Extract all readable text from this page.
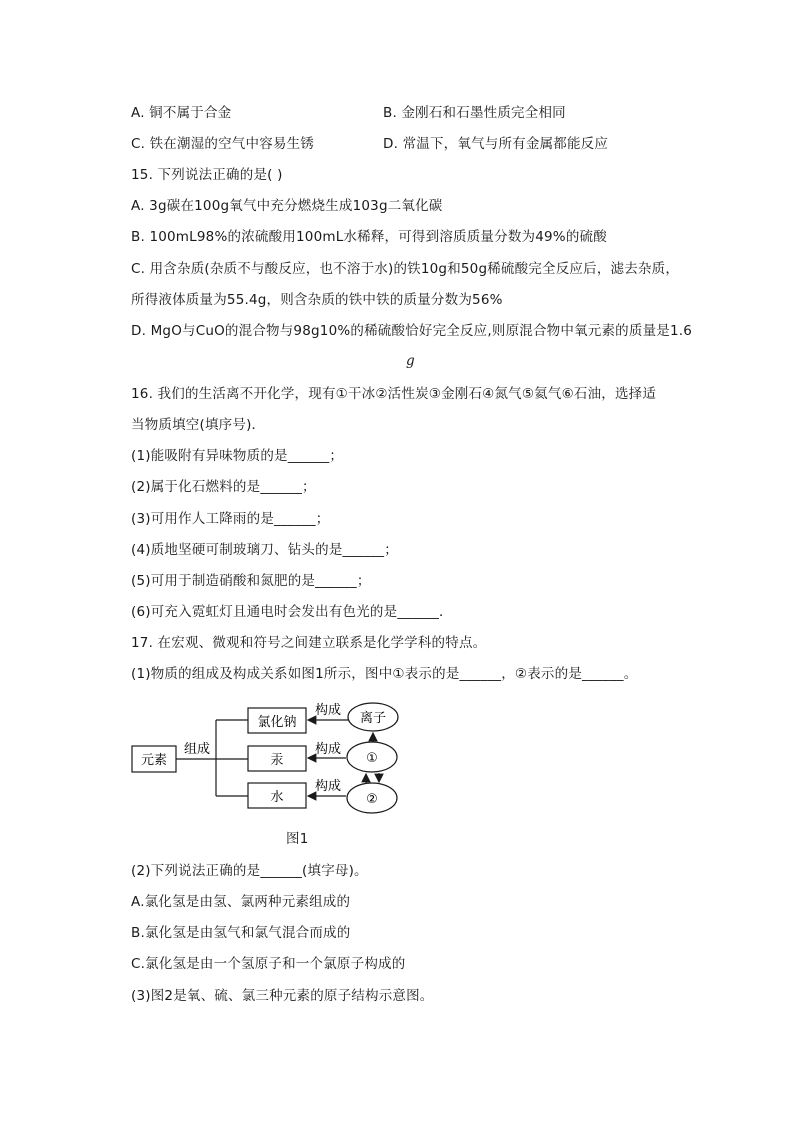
A. 铜不属于合金	B. 金刚石和石墨性质完全相同
C. 铁在潮湿的空气中容易生锈	D. 常温下，氧气与所有金属都能反应
15. 下列说法正确的是( )
A. 3g碳在100g氧气中充分燃烧生成103g二氧化碳
B. 100mL98%的浓硫酸用100mL水稀释，可得到溶质质量分数为49%的硫酸
C. 用含杂质(杂质不与酸反应，也不溶于水)的铁10g和50g稀硫酸完全反应后，滤去杂质，
所得液体质量为55.4g，则含杂质的铁中铁的质量分数为56%
D. MgO与CuO的混合物与98g10%的稀硫酸恰好完全反应,则原混合物中氧元素的质量是1.6
g
16. 我们的生活离不开化学，现有①干冰②活性炭③金刚石④氮气⑤氦气⑥石油，选择适
当物质填空(填序号)．
(1)能吸附有异味物质的是______；
(2)属于化石燃料的是______；
(3)可用作人工降雨的是______；
(4)质地坚硬可制玻璃刀、钻头的是______；
(5)可用于制造硝酸和氮肥的是______；
(6)可充入霓虹灯且通电时会发出有色光的是______．
17. 在宏观、微观和符号之间建立联系是化学学科的特点。
(1)物质的组成及构成关系如图1所示，图中①表示的是______，②表示的是______。
元素
组成
氯化钠
汞
水
构成
构成
构成
离子
①
②
图1
(2)下列说法正确的是______(填字母)。
A.氯化氢是由氢、氯两种元素组成的
B.氯化氢是由氢气和氯气混合而成的
C.氯化氢是由一个氢原子和一个氯原子构成的
(3)图2是氧、硫、氯三种元素的原子结构示意图。
